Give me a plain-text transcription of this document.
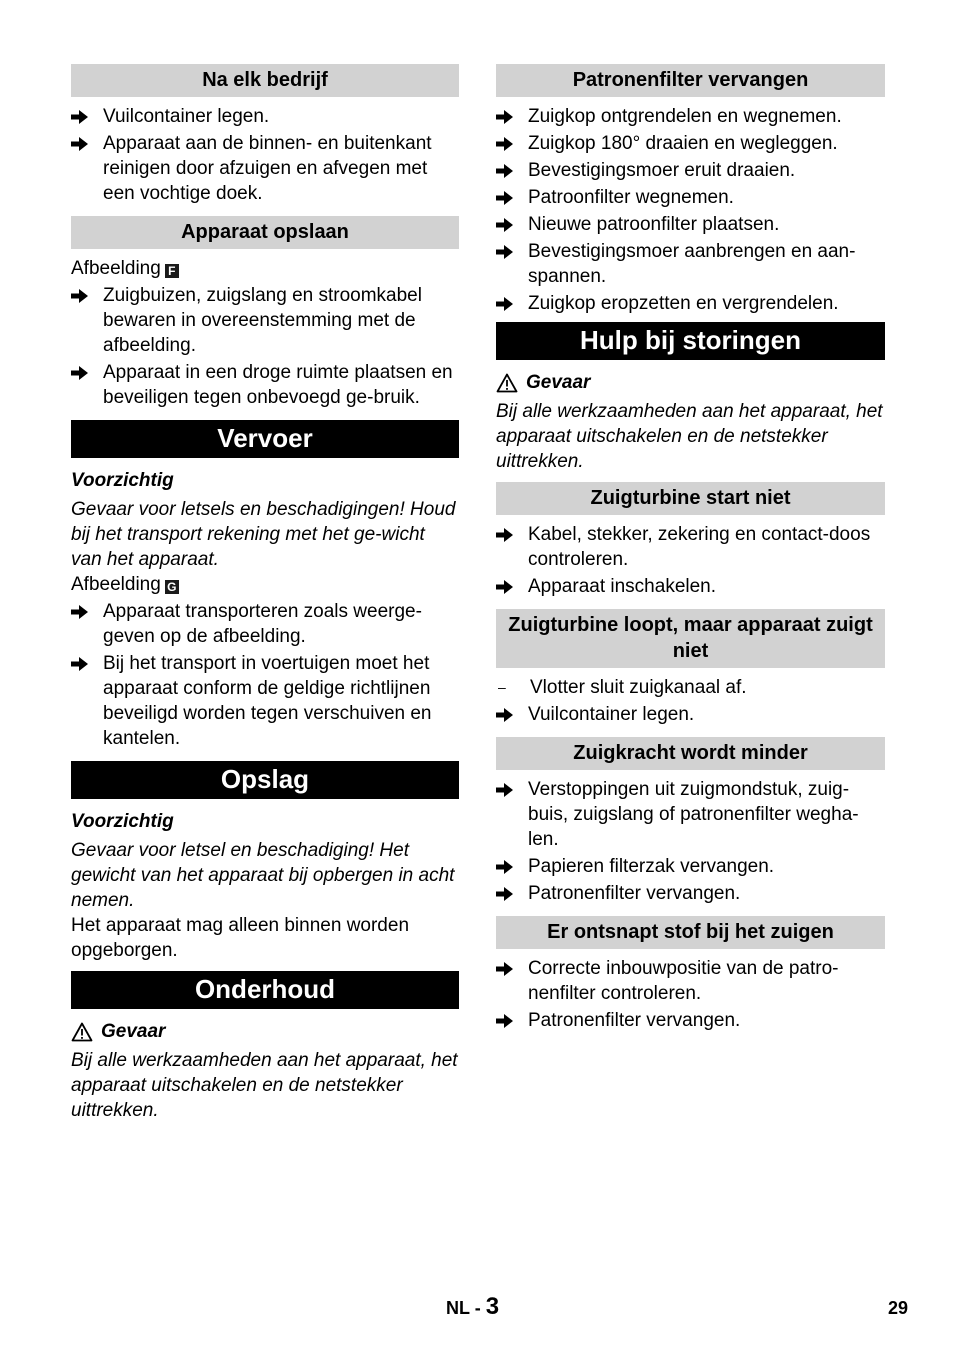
Na elk bedrijf
Vuilcontainer legen.
Apparaat aan de binnen- en buitenkant reinigen door afzuigen en afvegen met een vochtige doek.
Apparaat opslaan

Afbeelding F

Zuigbuizen, zuigslang en stroomkabel bewaren in overeenstemming met de afbeelding.
Apparaat in een droge ruimte plaatsen en beveiligen tegen onbevoegd ge-bruik.
Vervoer

Voorzichtig

Gevaar voor letsels en beschadigingen! Houd bij het transport rekening met het ge-wicht van het apparaat.

Afbeelding G

Apparaat transporteren zoals weerge-geven op de afbeelding.
Bij het transport in voertuigen moet het apparaat conform de geldige richtlijnen beveiligd worden tegen verschuiven en kantelen.
Opslag

Voorzichtig

Gevaar voor letsel en beschadiging! Het gewicht van het apparaat bij opbergen in acht nemen.

Het apparaat mag alleen binnen worden opgeborgen.

Onderhoud

Gevaar

Bij alle werkzaamheden aan het apparaat, het apparaat uitschakelen en de netstekker uittrekken.

Patronenfilter vervangen
Zuigkop ontgrendelen en wegnemen.
Zuigkop 180° draaien en wegleggen.
Bevestigingsmoer eruit draaien.
Patroonfilter wegnemen.
Nieuwe patroonfilter plaatsen.
Bevestigingsmoer aanbrengen en aan-spannen.
Zuigkop eropzetten en vergrendelen.
Hulp bij storingen

Gevaar

Bij alle werkzaamheden aan het apparaat, het apparaat uitschakelen en de netstekker uittrekken.

Zuigturbine start niet
Kabel, stekker, zekering en contact-doos controleren.
Apparaat inschakelen.
Zuigturbine loopt, maar apparaat zuigt niet
–	Vlotter sluit zuigkanaal af.
Vuilcontainer legen.
Zuigkracht wordt minder
Verstoppingen uit zuigmondstuk, zuig-buis, zuigslang of patronenfilter wegha-len.
Papieren filterzak vervangen.
Patronenfilter vervangen.
Er ontsnapt stof bij het zuigen
Correcte inbouwpositie van de patro-nenfilter controleren.
Patronenfilter vervangen.
NL - 3	29
